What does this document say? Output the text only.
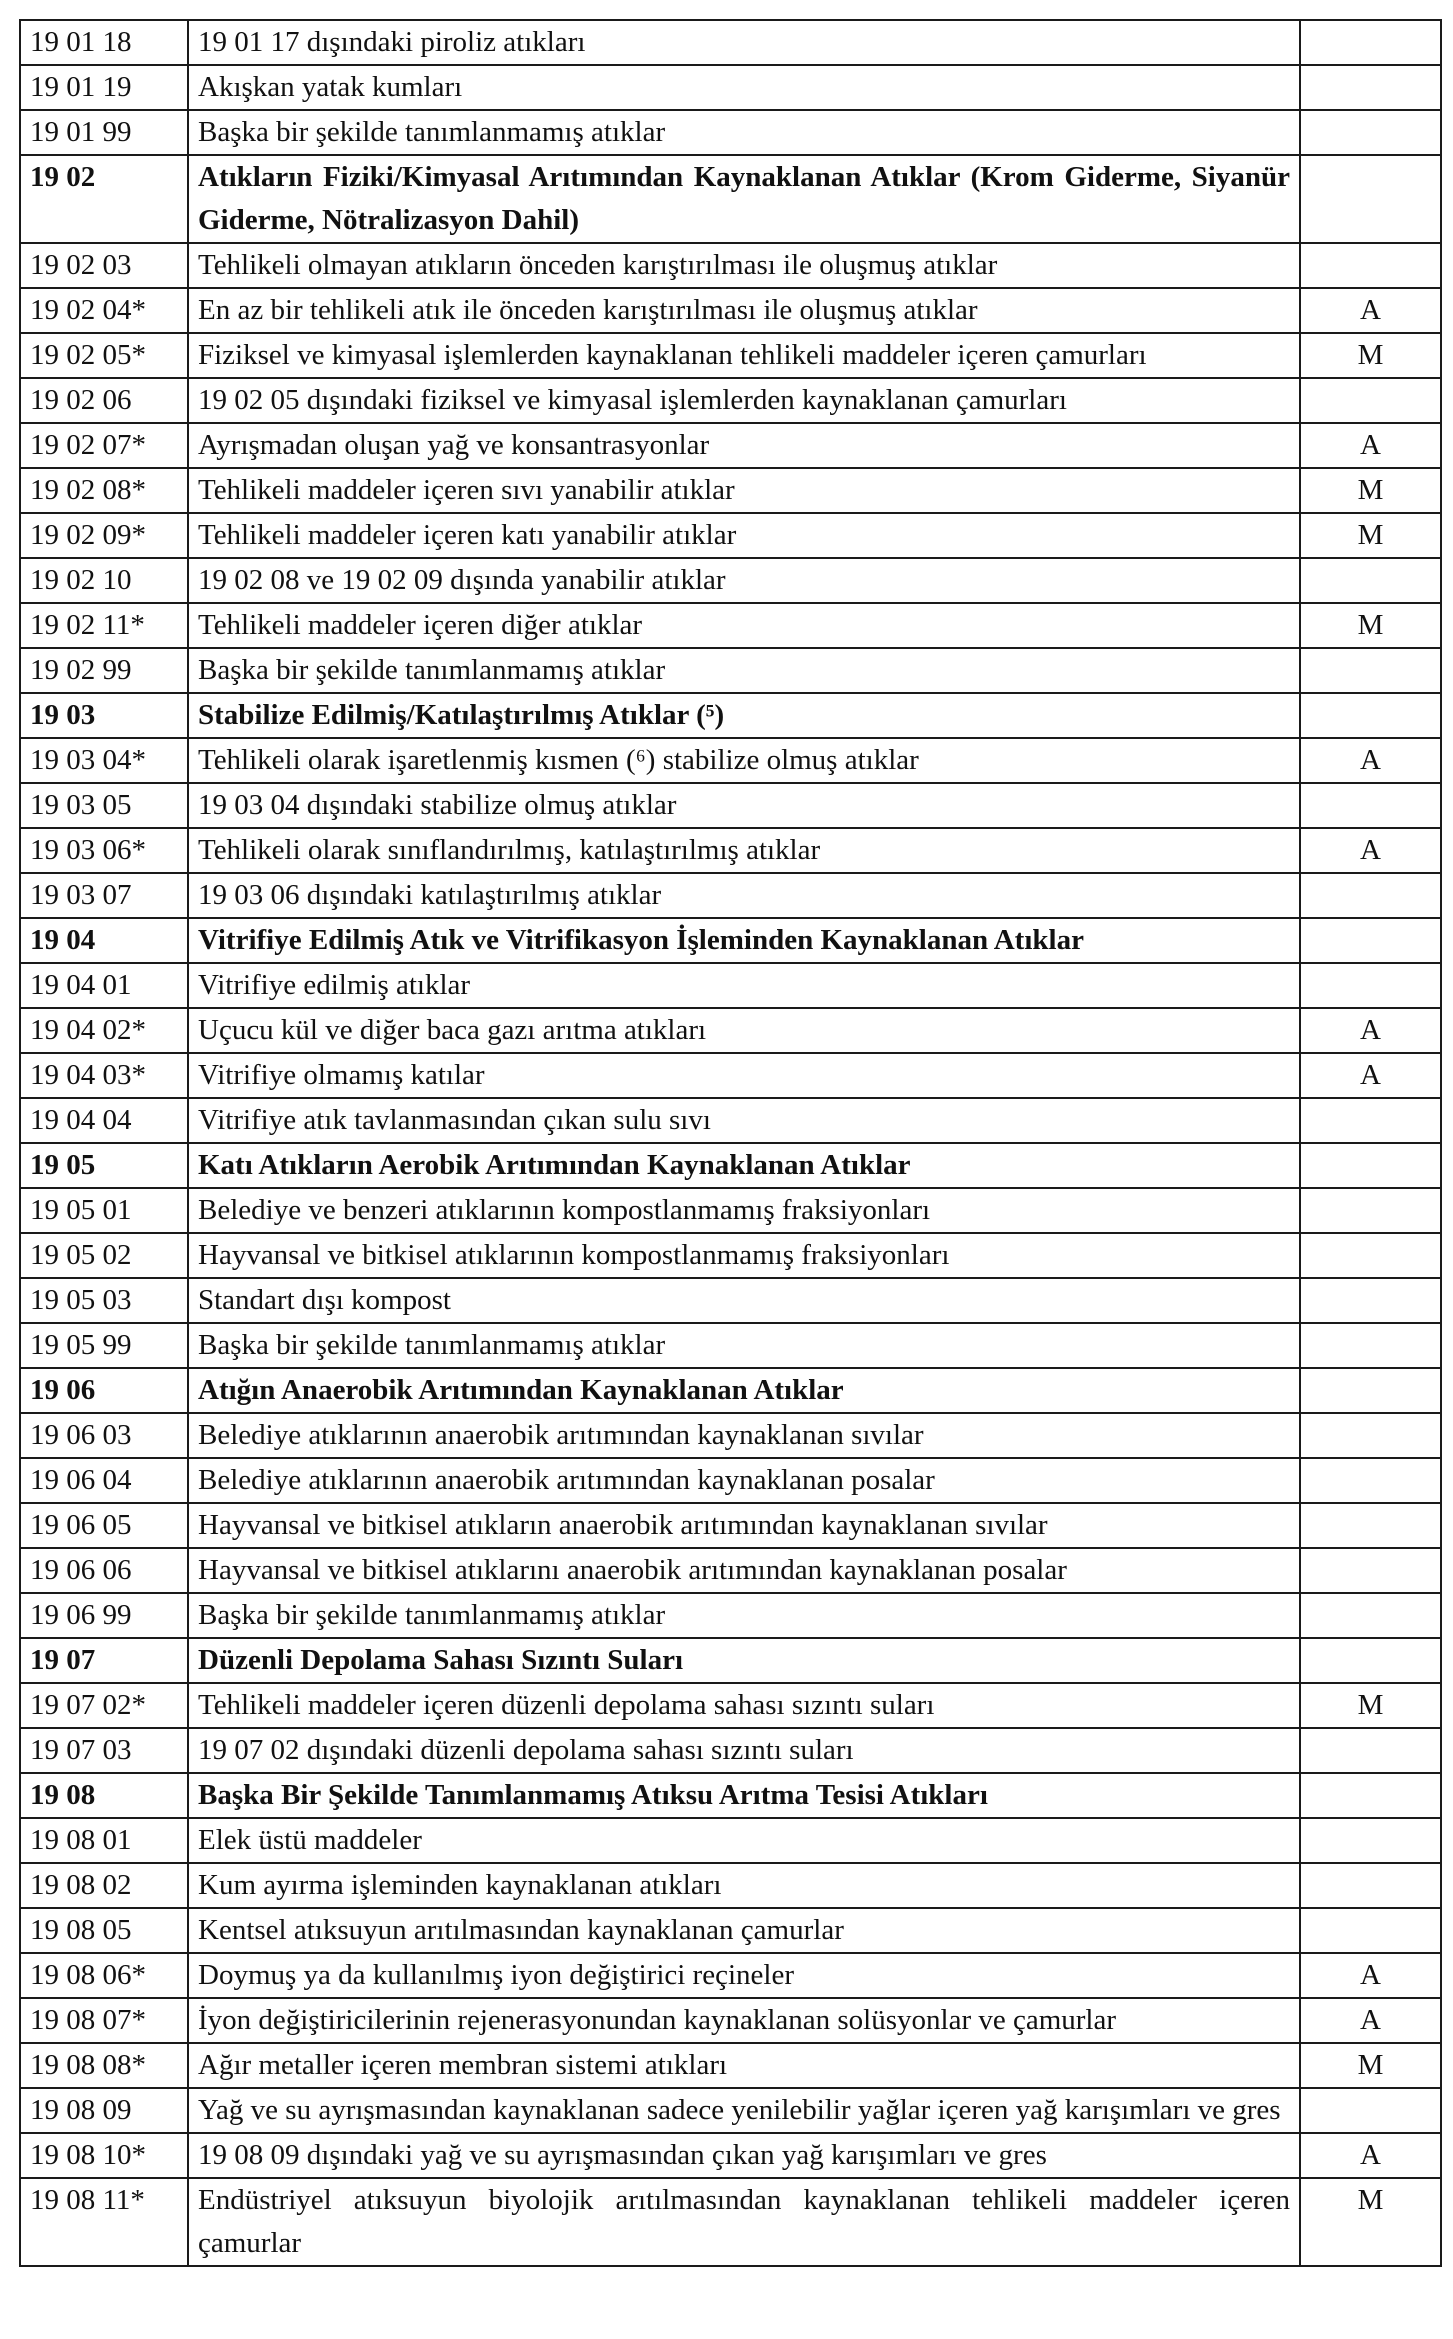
19 01 18	19 01 17 dışındaki piroliz atıkları	
19 01 19	Akışkan yatak kumları	
19 01 99	Başka bir şekilde tanımlanmamış atıklar	
19 02	Atıkların Fiziki/Kimyasal Arıtımından Kaynaklanan Atıklar (Krom Giderme, Siyanür Giderme, Nötralizasyon Dahil)	
19 02 03	Tehlikeli olmayan atıkların önceden karıştırılması ile oluşmuş atıklar	
19 02 04*	En az bir tehlikeli atık ile önceden karıştırılması ile oluşmuş atıklar	A
19 02 05*	Fiziksel ve kimyasal işlemlerden kaynaklanan tehlikeli maddeler içeren çamurları	M
19 02 06	19 02 05 dışındaki fiziksel ve kimyasal işlemlerden kaynaklanan çamurları	
19 02 07*	Ayrışmadan oluşan yağ ve konsantrasyonlar	A
19 02 08*	Tehlikeli maddeler içeren sıvı yanabilir atıklar	M
19 02 09*	Tehlikeli maddeler içeren katı yanabilir atıklar	M
19 02 10	19 02 08 ve 19 02 09 dışında yanabilir atıklar	
19 02 11*	Tehlikeli maddeler içeren diğer atıklar	M
19 02 99	Başka bir şekilde tanımlanmamış atıklar	
19 03	Stabilize Edilmiş/Katılaştırılmış Atıklar (⁵)	
19 03 04*	Tehlikeli olarak işaretlenmiş kısmen (⁶) stabilize olmuş atıklar	A
19 03 05	19 03 04 dışındaki stabilize olmuş atıklar	
19 03 06*	Tehlikeli olarak sınıflandırılmış, katılaştırılmış atıklar	A
19 03 07	19 03 06 dışındaki katılaştırılmış atıklar	
19 04	Vitrifiye Edilmiş Atık ve Vitrifikasyon İşleminden Kaynaklanan Atıklar	
19 04 01	Vitrifiye edilmiş atıklar	
19 04 02*	Uçucu kül ve diğer baca gazı arıtma atıkları	A
19 04 03*	Vitrifiye olmamış katılar	A
19 04 04	Vitrifiye atık tavlanmasından çıkan sulu sıvı	
19 05	Katı Atıkların Aerobik Arıtımından Kaynaklanan Atıklar	
19 05 01	Belediye ve benzeri atıklarının kompostlanmamış fraksiyonları	
19 05 02	Hayvansal ve bitkisel atıklarının kompostlanmamış fraksiyonları	
19 05 03	Standart dışı kompost	
19 05 99	Başka bir şekilde tanımlanmamış atıklar	
19 06	Atığın Anaerobik Arıtımından Kaynaklanan Atıklar	
19 06 03	Belediye atıklarının anaerobik arıtımından kaynaklanan sıvılar	
19 06 04	Belediye atıklarının anaerobik arıtımından kaynaklanan posalar	
19 06 05	Hayvansal ve bitkisel atıkların anaerobik arıtımından kaynaklanan sıvılar	
19 06 06	Hayvansal ve bitkisel atıklarını anaerobik arıtımından kaynaklanan posalar	
19 06 99	Başka bir şekilde tanımlanmamış atıklar	
19 07	Düzenli Depolama Sahası Sızıntı Suları	
19 07 02*	Tehlikeli maddeler içeren düzenli depolama sahası sızıntı suları	M
19 07 03	19 07 02 dışındaki düzenli depolama sahası sızıntı suları	
19 08	Başka Bir Şekilde Tanımlanmamış Atıksu Arıtma Tesisi Atıkları	
19 08 01	Elek üstü maddeler	
19 08 02	Kum ayırma işleminden kaynaklanan atıkları	
19 08 05	Kentsel atıksuyun arıtılmasından kaynaklanan çamurlar	
19 08 06*	Doymuş ya da kullanılmış iyon değiştirici reçineler	A
19 08 07*	İyon değiştiricilerinin rejenerasyonundan kaynaklanan solüsyonlar ve çamurlar	A
19 08 08*	Ağır metaller içeren membran sistemi atıkları	M
19 08 09	Yağ ve su ayrışmasından kaynaklanan sadece yenilebilir yağlar içeren yağ karışımları ve gres	
19 08 10*	19 08 09 dışındaki yağ ve su ayrışmasından çıkan yağ karışımları ve gres	A
19 08 11*	Endüstriyel atıksuyun biyolojik arıtılmasından kaynaklanan tehlikeli maddeler içeren çamurlar	M
